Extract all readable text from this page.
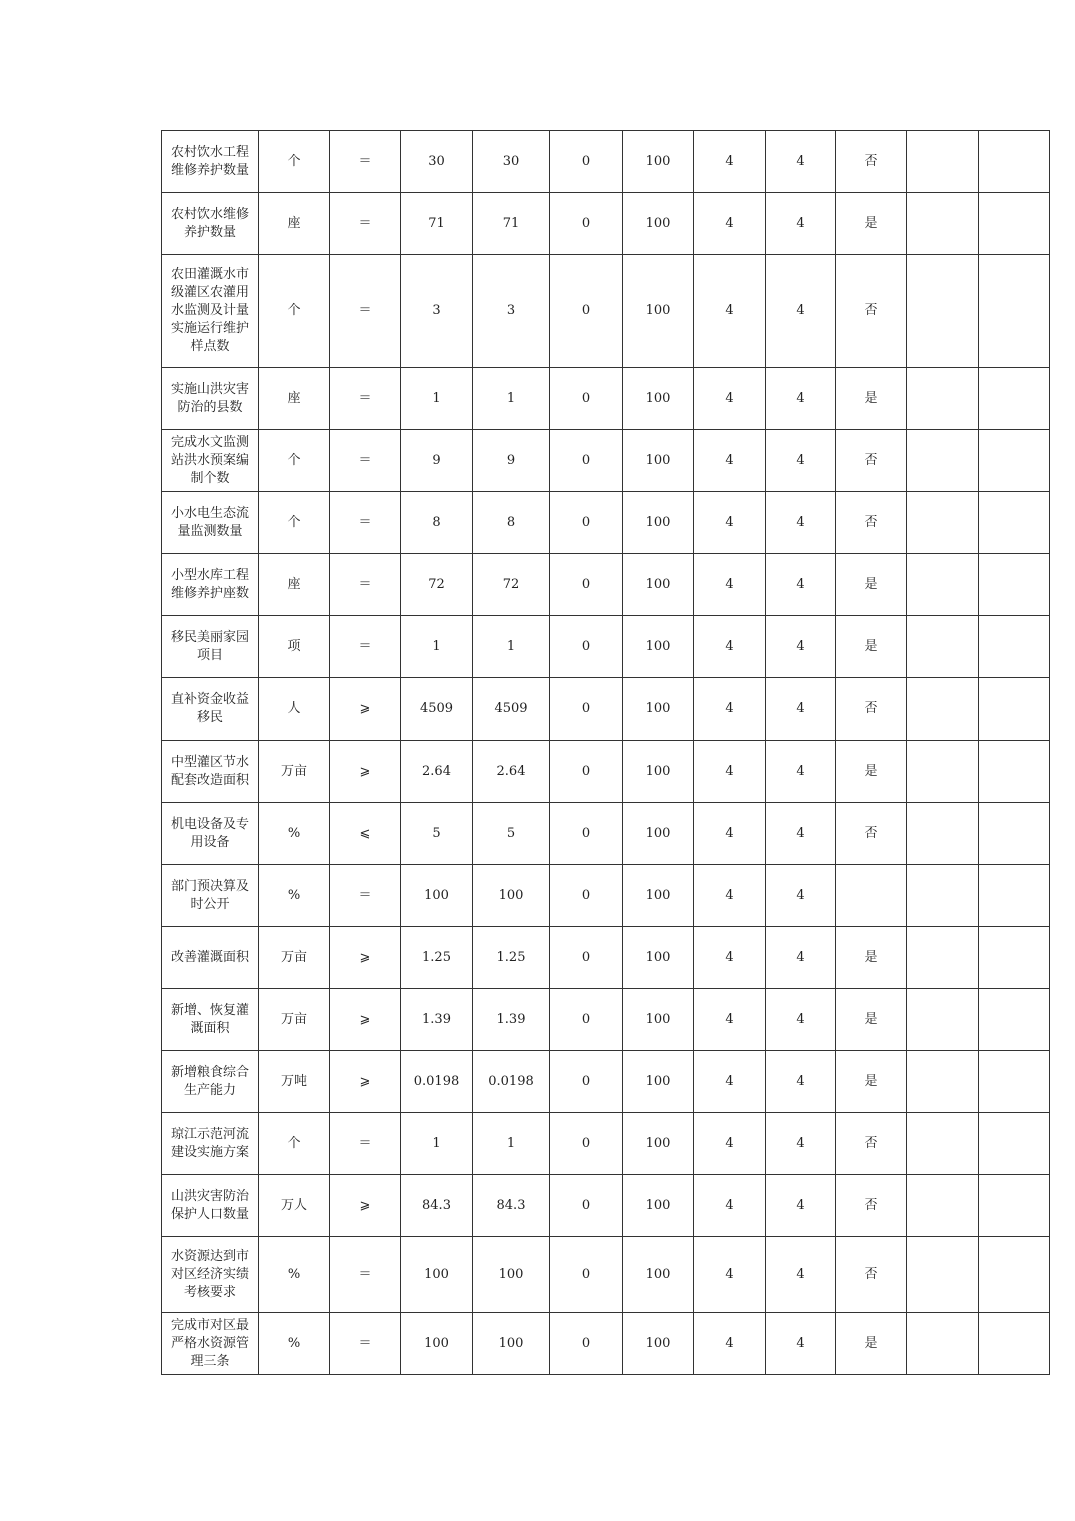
农村饮水工程维修养护数量	个	＝	30	30	0	100	4	4	否		
农村饮水维修养护数量	座	＝	71	71	0	100	4	4	是		
农田灌溉水市级灌区农灌用水监测及计量实施运行维护样点数	个	＝	3	3	0	100	4	4	否		
实施山洪灾害防治的县数	座	＝	1	1	0	100	4	4	是		
完成水文监测站洪水预案编制个数	个	＝	9	9	0	100	4	4	否		
小水电生态流量监测数量	个	＝	8	8	0	100	4	4	否		
小型水库工程维修养护座数	座	＝	72	72	0	100	4	4	是		
移民美丽家园项目	项	＝	1	1	0	100	4	4	是		
直补资金收益移民	人	⩾	4509	4509	0	100	4	4	否		
中型灌区节水配套改造面积	万亩	⩾	2.64	2.64	0	100	4	4	是		
机电设备及专用设备	%	⩽	5	5	0	100	4	4	否		
部门预决算及时公开	%	＝	100	100	0	100	4	4			
改善灌溉面积	万亩	⩾	1.25	1.25	0	100	4	4	是		
新增、恢复灌溉面积	万亩	⩾	1.39	1.39	0	100	4	4	是		
新增粮食综合生产能力	万吨	⩾	0.0198	0.0198	0	100	4	4	是		
琼江示范河流建设实施方案	个	＝	1	1	0	100	4	4	否		
山洪灾害防治保护人口数量	万人	⩾	84.3	84.3	0	100	4	4	否		
水资源达到市对区经济实绩考核要求	%	＝	100	100	0	100	4	4	否		
完成市对区最严格水资源管理三条	%	＝	100	100	0	100	4	4	是		
